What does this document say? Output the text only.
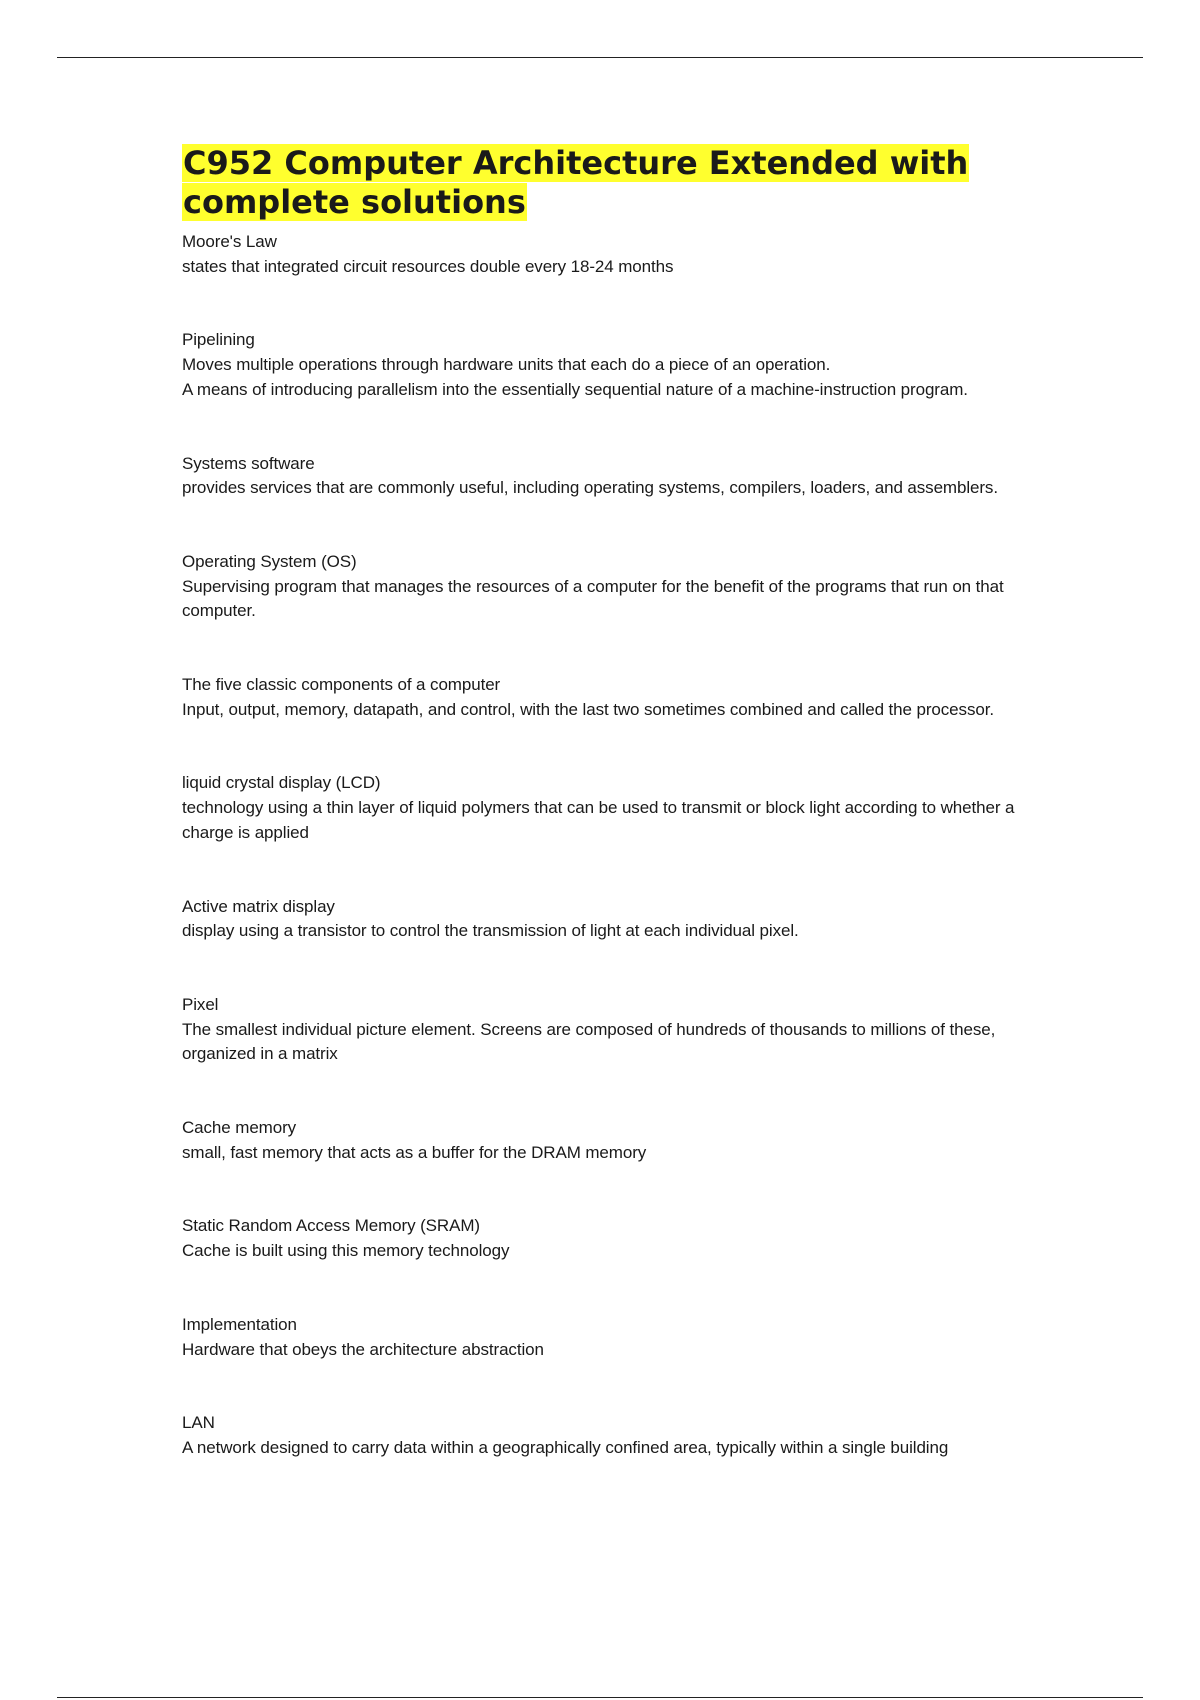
C952 Computer Architecture Extended with complete solutions
Moore's Law
states that integrated circuit resources double every 18-24 months
Pipelining
Moves multiple operations through hardware units that each do a piece of an operation.
A means of introducing parallelism into the essentially sequential nature of a machine-instruction program.
Systems software
provides services that are commonly useful, including operating systems, compilers, loaders, and assemblers.
Operating System (OS)
Supervising program that manages the resources of a computer for the benefit of the programs that run on that computer.
The five classic components of a computer
Input, output, memory, datapath, and control, with the last two sometimes combined and called the processor.
liquid crystal display (LCD)
technology using a thin layer of liquid polymers that can be used to transmit or block light according to whether a charge is applied
Active matrix display
display using a transistor to control the transmission of light at each individual pixel.
Pixel
The smallest individual picture element. Screens are composed of hundreds of thousands to millions of these, organized in a matrix
Cache memory
small, fast memory that acts as a buffer for the DRAM memory
Static Random Access Memory (SRAM)
Cache is built using this memory technology
Implementation
Hardware that obeys the architecture abstraction
LAN
A network designed to carry data within a geographically confined area, typically within a single building
